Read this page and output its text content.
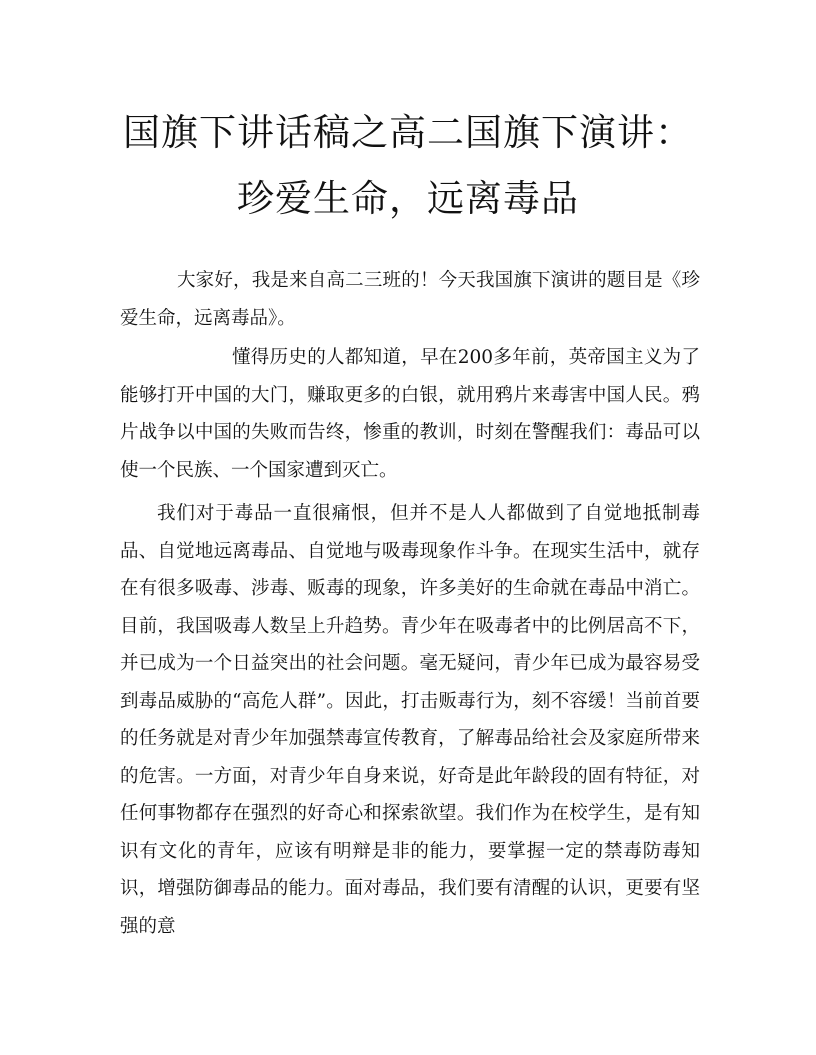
国旗下讲话稿之高二国旗下演讲：珍爱生命，远离毒品

大家好，我是来自高二三班的！今天我国旗下演讲的题目是《珍爱生命，远离毒品》。

懂得历史的人都知道，早在200多年前，英帝国主义为了能够打开中国的大门，赚取更多的白银，就用鸦片来毒害中国人民。鸦片战争以中国的失败而告终，惨重的教训，时刻在警醒我们：毒品可以使一个民族、一个国家遭到灭亡。

我们对于毒品一直很痛恨，但并不是人人都做到了自觉地抵制毒品、自觉地远离毒品、自觉地与吸毒现象作斗争。在现实生活中，就存在有很多吸毒、涉毒、贩毒的现象，许多美好的生命就在毒品中消亡。目前，我国吸毒人数呈上升趋势。青少年在吸毒者中的比例居高不下，并已成为一个日益突出的社会问题。毫无疑问，青少年已成为最容易受到毒品威胁的“高危人群”。因此，打击贩毒行为，刻不容缓！当前首要的任务就是对青少年加强禁毒宣传教育，了解毒品给社会及家庭所带来的危害。一方面，对青少年自身来说，好奇是此年龄段的固有特征，对任何事物都存在强烈的好奇心和探索欲望。我们作为在校学生，是有知识有文化的青年，应该有明辩是非的能力，要掌握一定的禁毒防毒知识，增强防御毒品的能力。面对毒品，我们要有清醒的认识，更要有坚强的意
